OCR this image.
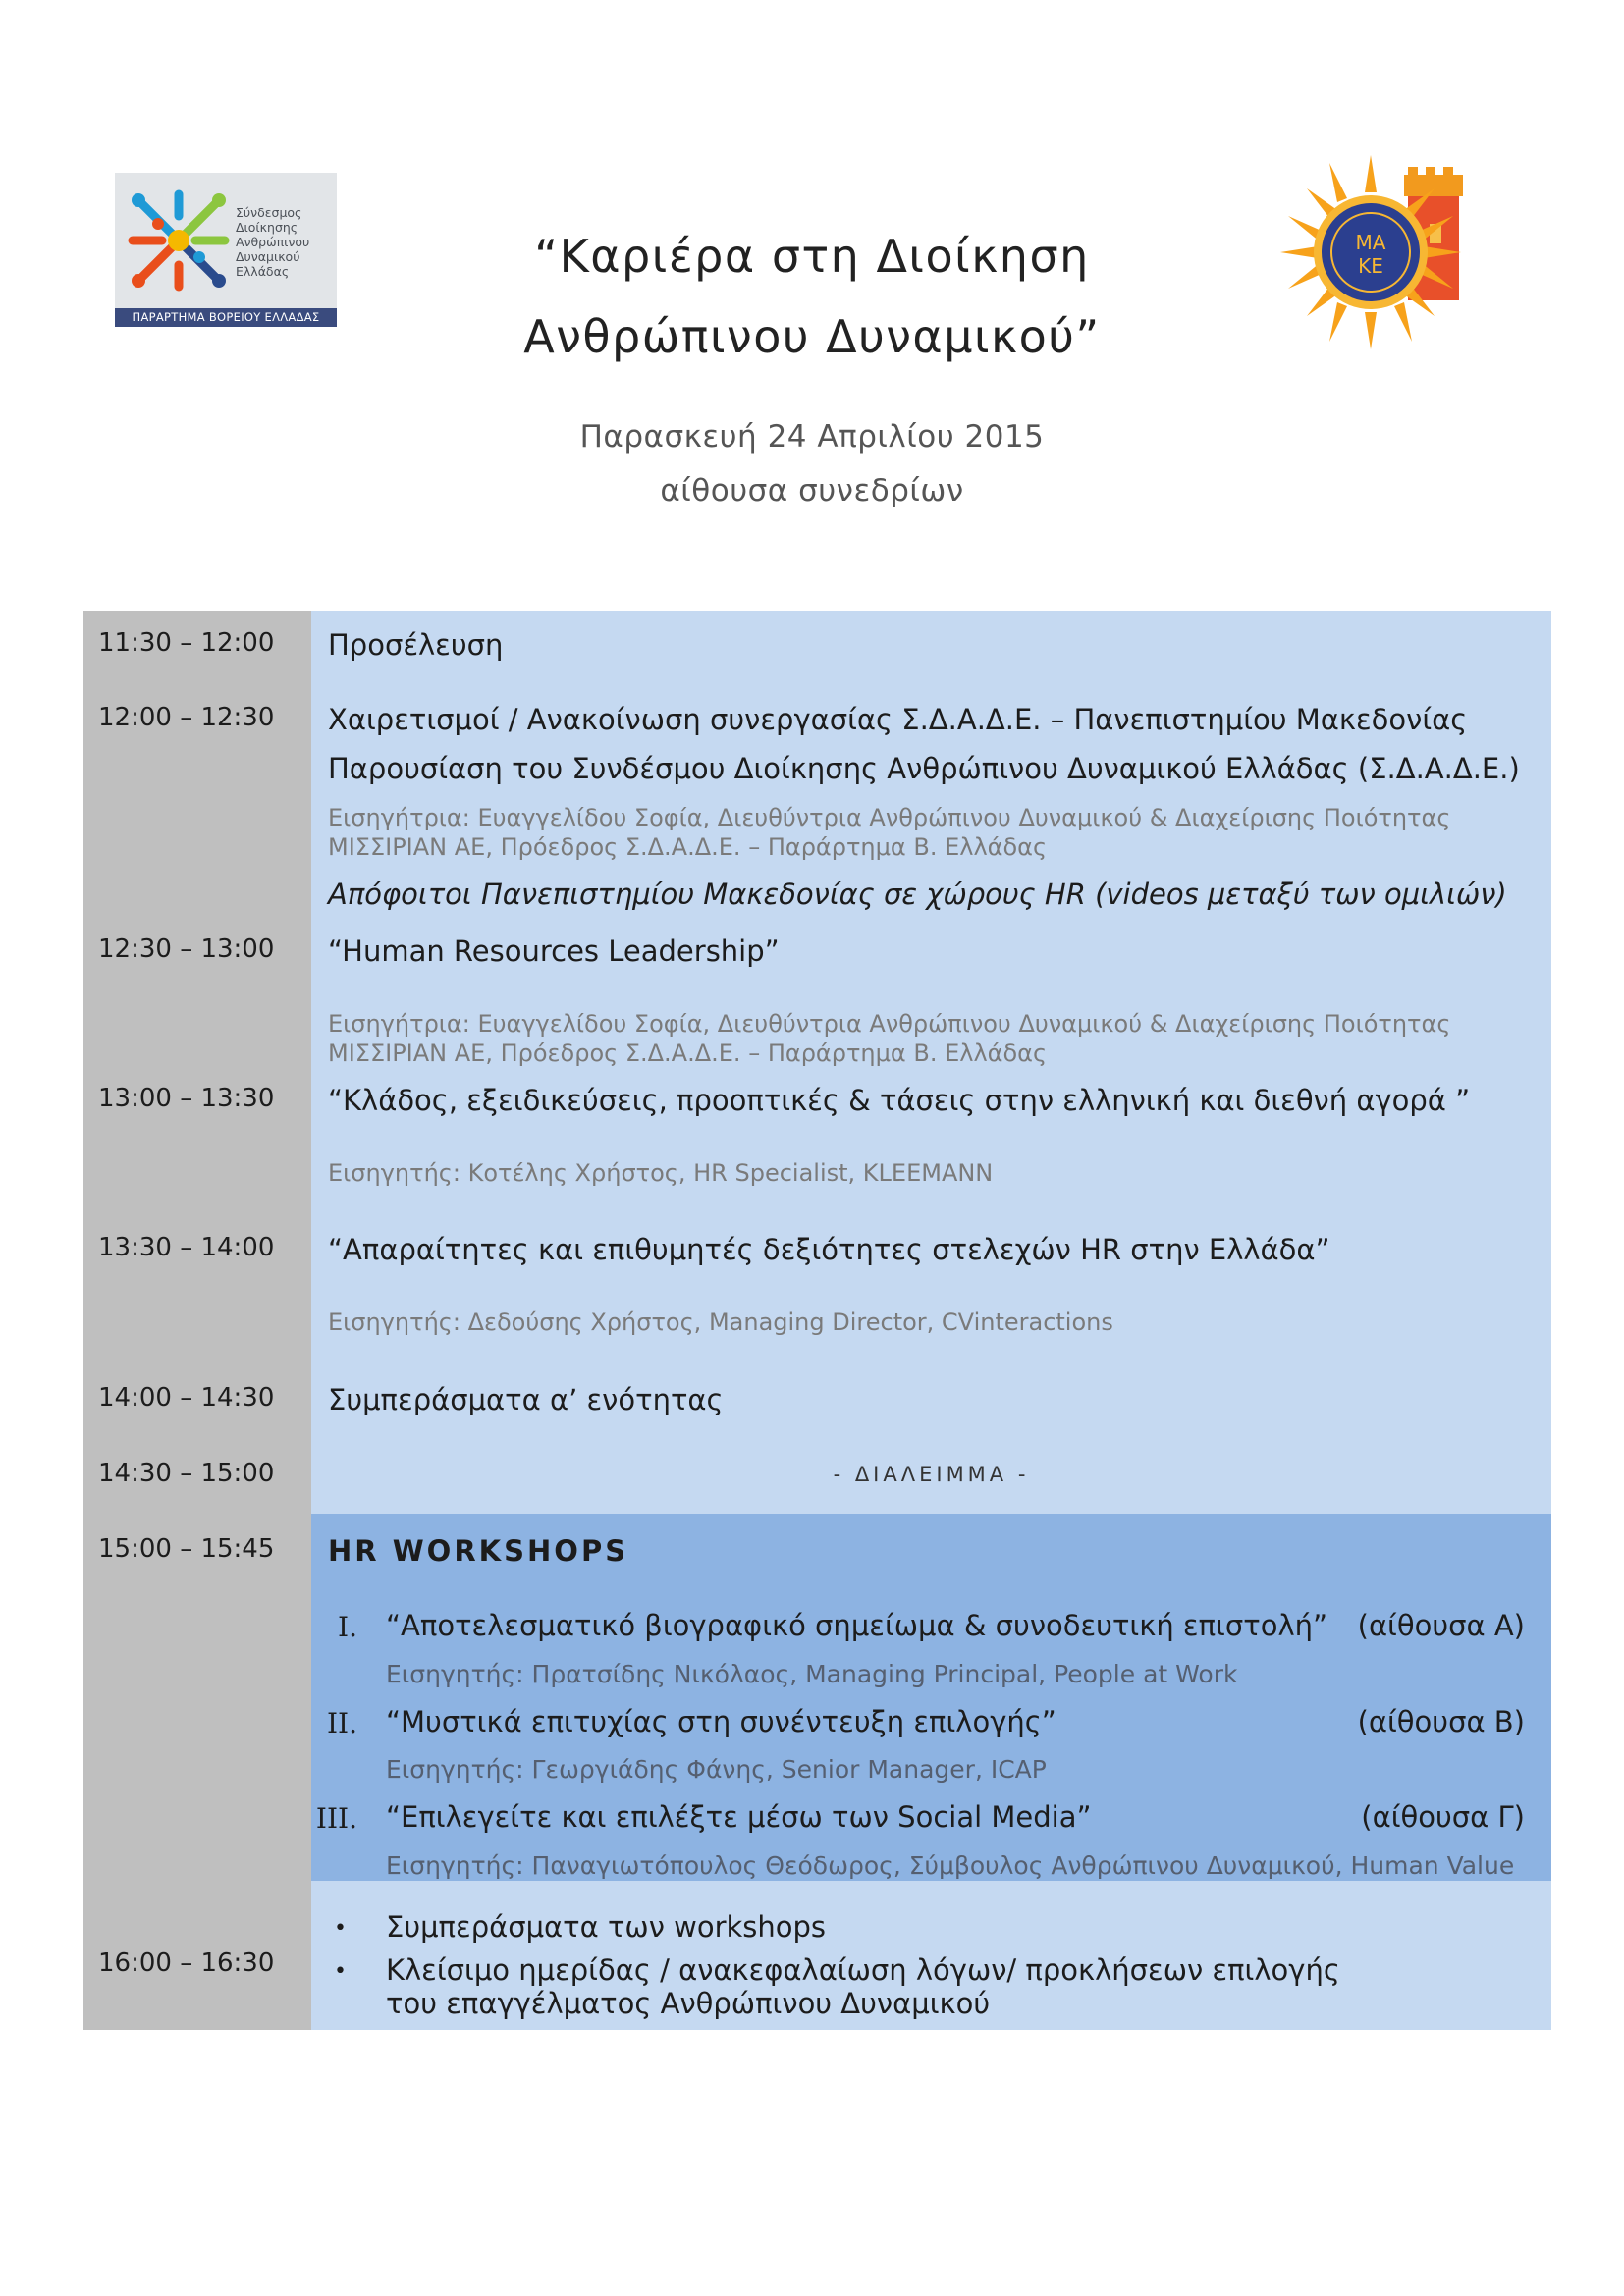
Σύνδεσμος
Διοίκησης
Ανθρώπινου
Δυναμικού
Ελλάδας
ΠΑΡΑΡΤΗΜΑ ΒΟΡΕΙΟΥ ΕΛΛΑΔΑΣ
ΜΑ
ΚΕ
“Καριέρα στη Διοίκηση
Ανθρώπινου Δυναμικού”
Παρασκευή 24 Απριλίου 2015
αίθουσα συνεδρίων
11:30 – 12:00 Προσέλευση
12:00 – 12:30 Χαιρετισμοί / Ανακοίνωση συνεργασίας Σ.Δ.Α.Δ.Ε. – Πανεπιστημίου Μακεδονίας
Παρουσίαση του Συνδέσμου Διοίκησης Ανθρώπινου Δυναμικού Ελλάδας (Σ.Δ.Α.Δ.Ε.)
Εισηγήτρια: Ευαγγελίδου Σοφία, Διευθύντρια Ανθρώπινου Δυναμικού & Διαχείρισης Ποιότητας
ΜΙΣΣΙΡΙΑΝ ΑΕ, Πρόεδρος Σ.Δ.Α.Δ.Ε. – Παράρτημα Β. Ελλάδας
Απόφοιτοι Πανεπιστημίου Μακεδονίας σε χώρους HR (videos μεταξύ των ομιλιών)
12:30 – 13:00 “Human Resources Leadership”
Εισηγήτρια: Ευαγγελίδου Σοφία, Διευθύντρια Ανθρώπινου Δυναμικού & Διαχείρισης Ποιότητας
ΜΙΣΣΙΡΙΑΝ ΑΕ, Πρόεδρος Σ.Δ.Α.Δ.Ε. – Παράρτημα Β. Ελλάδας
13:00 – 13:30 “Κλάδος, εξειδικεύσεις, προοπτικές & τάσεις στην ελληνική και διεθνή αγορά ”
Εισηγητής: Κοτέλης Χρήστος, HR Specialist, KLEEMANN
13:30 – 14:00 “Απαραίτητες και επιθυμητές δεξιότητες στελεχών HR στην Ελλάδα”
Εισηγητής: Δεδούσης Χρήστος, Managing Director, CVinteractions
14:00 – 14:30 Συμπεράσματα α’ ενότητας
14:30 – 15:00	- ΔΙΑΛΕΙΜΜΑ -
15:00 – 15:45 HR WORKSHOPS
I. “Αποτελεσματικό βιογραφικό σημείωμα & συνοδευτική επιστολή” (αίθουσα Α)
Εισηγητής: Πρατσίδης Νικόλαος, Managing Principal, People at Work
II. “Μυστικά επιτυχίας στη συνέντευξη επιλογής”	(αίθουσα Β)
Εισηγητής: Γεωργιάδης Φάνης, Senior Manager, ICAP
III. “Επιλεγείτε και επιλέξτε μέσω των Social Media”	(αίθουσα Γ)
Εισηγητής: Παναγιωτόπουλος Θεόδωρος, Σύμβουλος Ανθρώπινου Δυναμικού, Human Value
16:00 – 16:30
• Συμπεράσματα των workshops
• Κλείσιμο ημερίδας / ανακεφαλαίωση λόγων/ προκλήσεων επιλογής
του επαγγέλματος Ανθρώπινου Δυναμικού
